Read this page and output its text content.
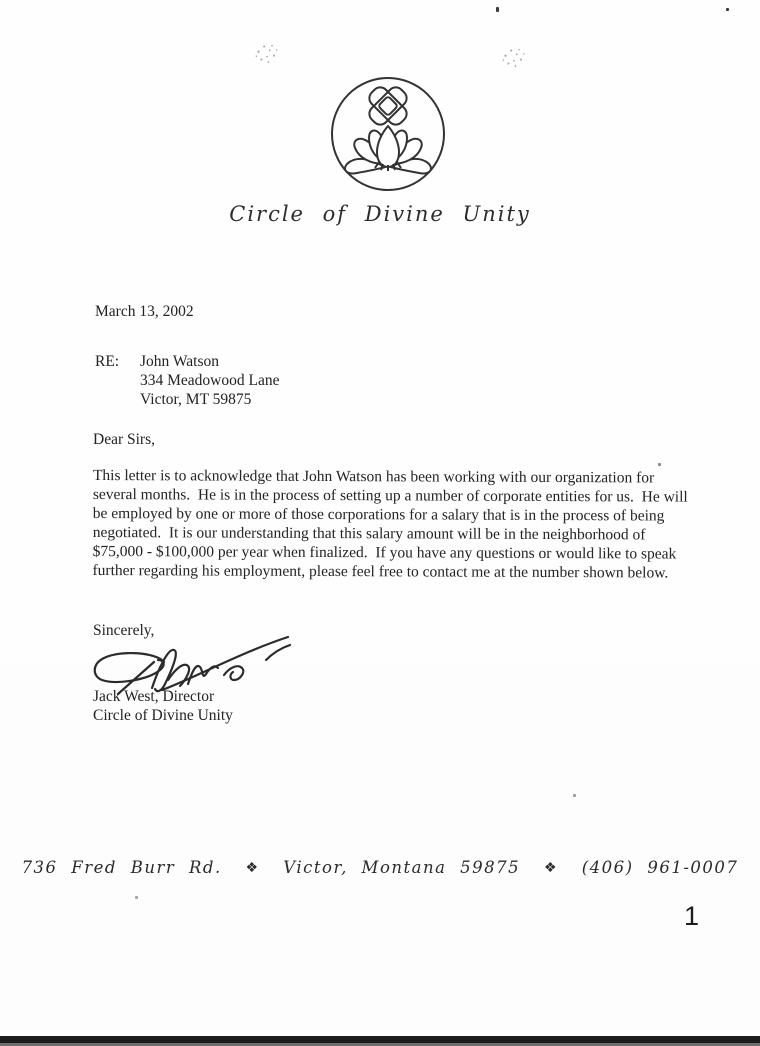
Circle of Divine Unity
March 13, 2002
RE: John Watson
334 Meadowood Lane
Victor, MT 59875
Dear Sirs,
This letter is to acknowledge that John Watson has been working with our organization for several months.  He is in the process of setting up a number of corporate entities for us.  He will be employed by one or more of those corporations for a salary that is in the process of being negotiated.  It is our understanding that this salary amount will be in the neighborhood of $75,000 - $100,000 per year when finalized.  If you have any questions or would like to speak further regarding his employment, please feel free to contact me at the number shown below.
Sincerely,
Jack West, Director
Circle of Divine Unity
736 Fred Burr Rd. ❖ Victor, Montana 59875 ❖ (406) 961-0007
1
